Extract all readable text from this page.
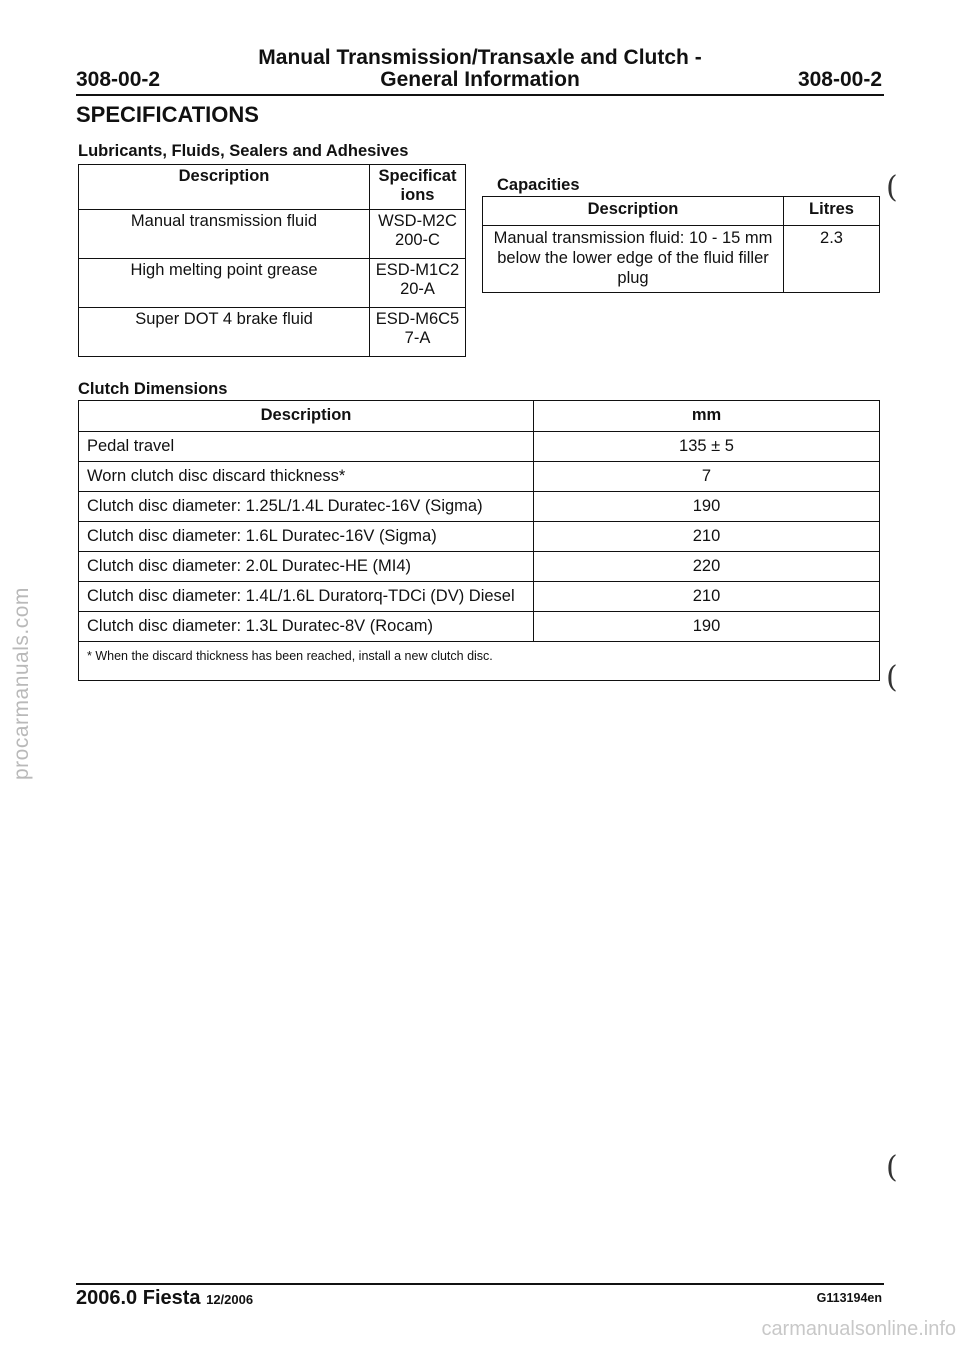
Manual Transmission/Transaxle and Clutch -
308-00-2	General Information	308-00-2
SPECIFICATIONS
Lubricants, Fluids, Sealers and Adhesives
Description	Specificat ions
Manual transmission fluid	WSD-M2C 200-C
High melting point grease	ESD-M1C2 20-A
Super DOT 4 brake fluid	ESD-M6C5 7-A
Capacities
Description	Litres
Manual transmission fluid: 10 - 15 mm below the lower edge of the fluid filler plug	2.3
Clutch Dimensions
Description	mm
Pedal travel	135 ± 5
Worn clutch disc discard thickness*	7
Clutch disc diameter: 1.25L/1.4L Duratec-16V (Sigma)	190
Clutch disc diameter: 1.6L Duratec-16V (Sigma)	210
Clutch disc diameter: 2.0L Duratec-HE (MI4)	220
Clutch disc diameter: 1.4L/1.6L Duratorq-TDCi (DV) Diesel	210
Clutch disc diameter: 1.3L Duratec-8V (Rocam)	190
* When the discard thickness has been reached, install a new clutch disc.	
(
(
(
procarmanuals.com
2006.0 Fiesta 12/2006	G113194en
carmanualsonline.info
